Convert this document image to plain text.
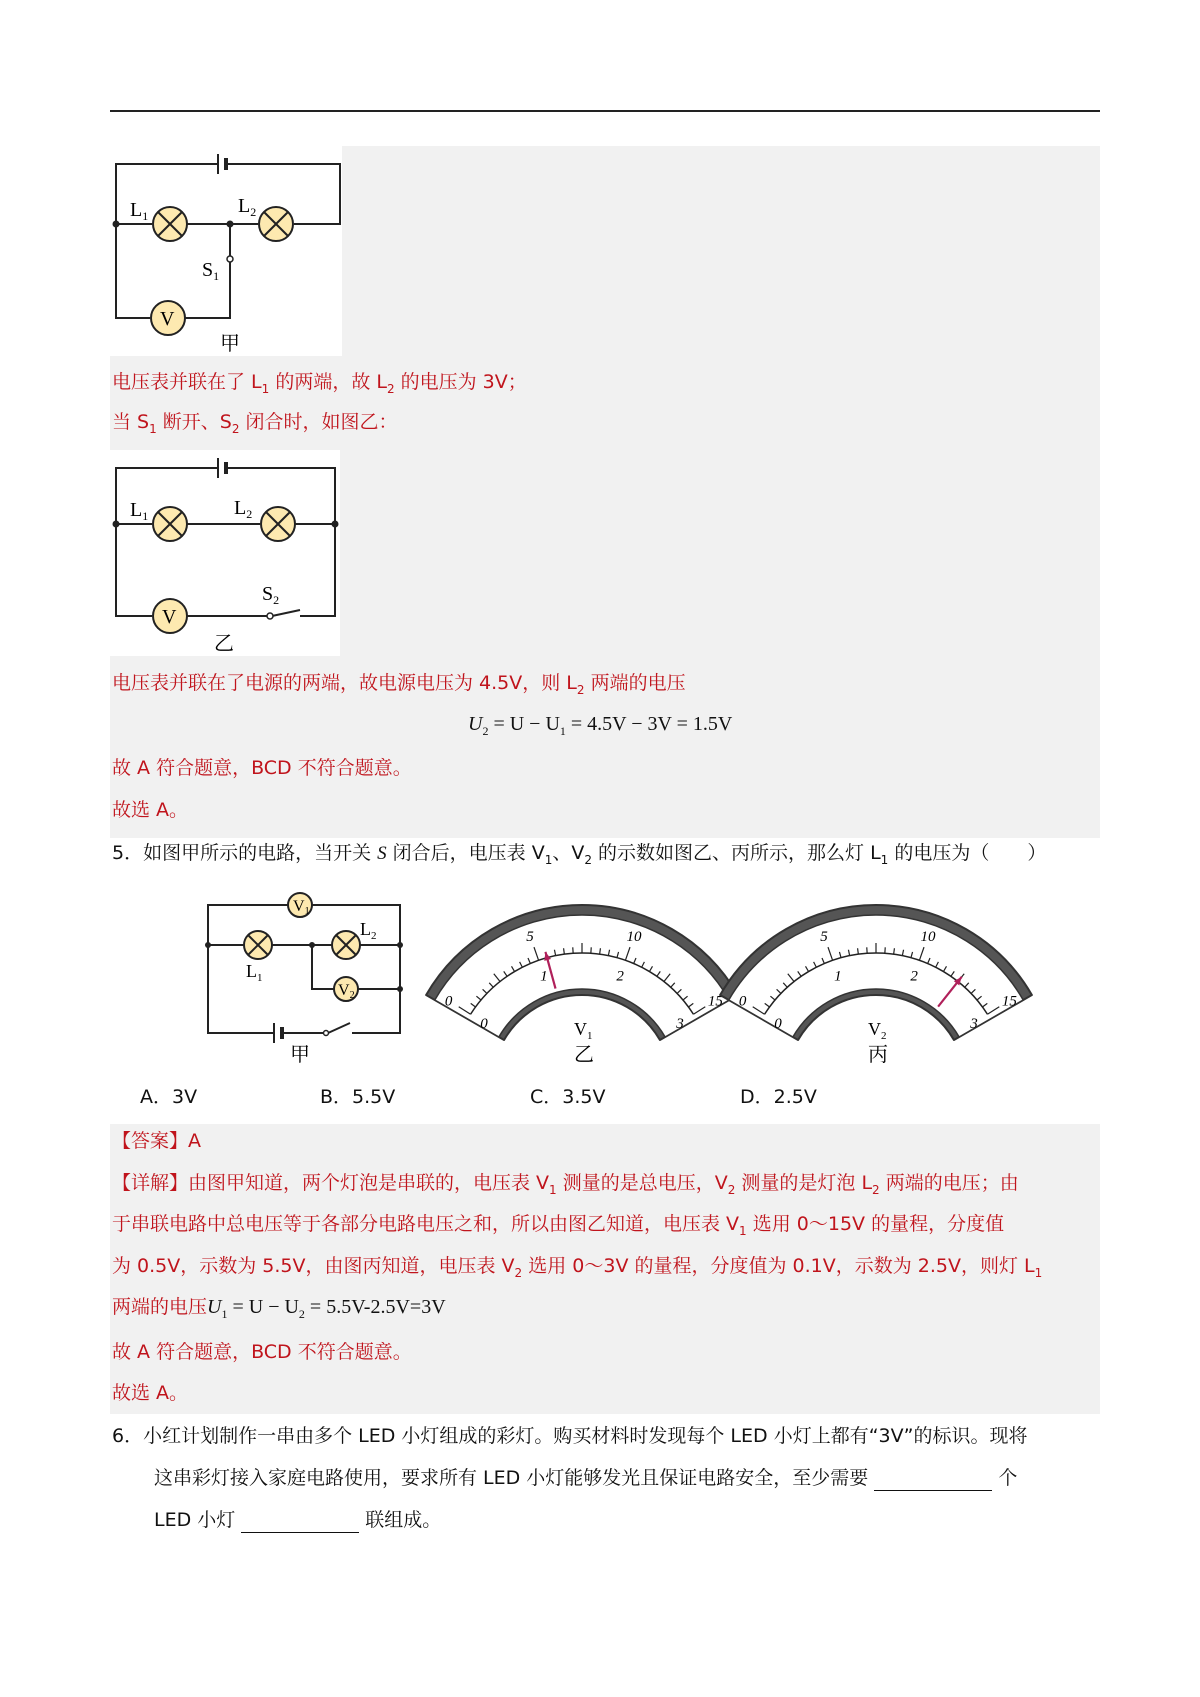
$L_1$	$L_2$
$S_1$
V
甲
电压表并联在了 $L_1$ 的两端，故 $L_2$ 的电压为 3V；
当 $S_1$ 断开、$S_2$ 闭合时，如图乙：
$L_1$	$L_2$
$S_2$
V
乙
电压表并联在了电源的两端，故电源电压为 4.5V，则 $L_2$ 两端的电压
$U_2 = U - U_1 = 4.5V - 3V = 1.5V$
故 A 符合题意，BCD 不符合题意。
故选 A。
5．如图甲所示的电路，当开关 S 闭合后，电压表 $V_1$、$V_2$ 的示数如图乙、丙所示，那么灯 $L_1$ 的电压为（　　）
V1
V2
$L_1$
$L_2$
甲
0
5	10
15
0
1	2
3
$V_1$
乙
0
5	10
15
0
1	2
3
$V_2$
丙
A．3V	B．5.5V	C．3.5V	D．2.5V
【答案】A
【详解】由图甲知道，两个灯泡是串联的，电压表 $V_1$ 测量的是总电压，$V_2$ 测量的是灯泡 $L_2$ 两端的电压；由
于串联电路中总电压等于各部分电路电压之和，所以由图乙知道，电压表 $V_1$ 选用 0～15V 的量程，分度值
为 0.5V，示数为 5.5V，由图丙知道，电压表 $V_2$ 选用 0～3V 的量程，分度值为 0.1V，示数为 2.5V，则灯 $L_1$
两端的电压$U_1 = U - U_2 = 5.5V-2.5V=3V$
故 A 符合题意，BCD 不符合题意。
故选 A。
6．小红计划制作一串由多个 LED 小灯组成的彩灯。购买材料时发现每个 LED 小灯上都有“3V”的标识。现将
这串彩灯接入家庭电路使用，要求所有 LED 小灯能够发光且保证电路安全，至少需要	个
LED 小灯	联组成。
